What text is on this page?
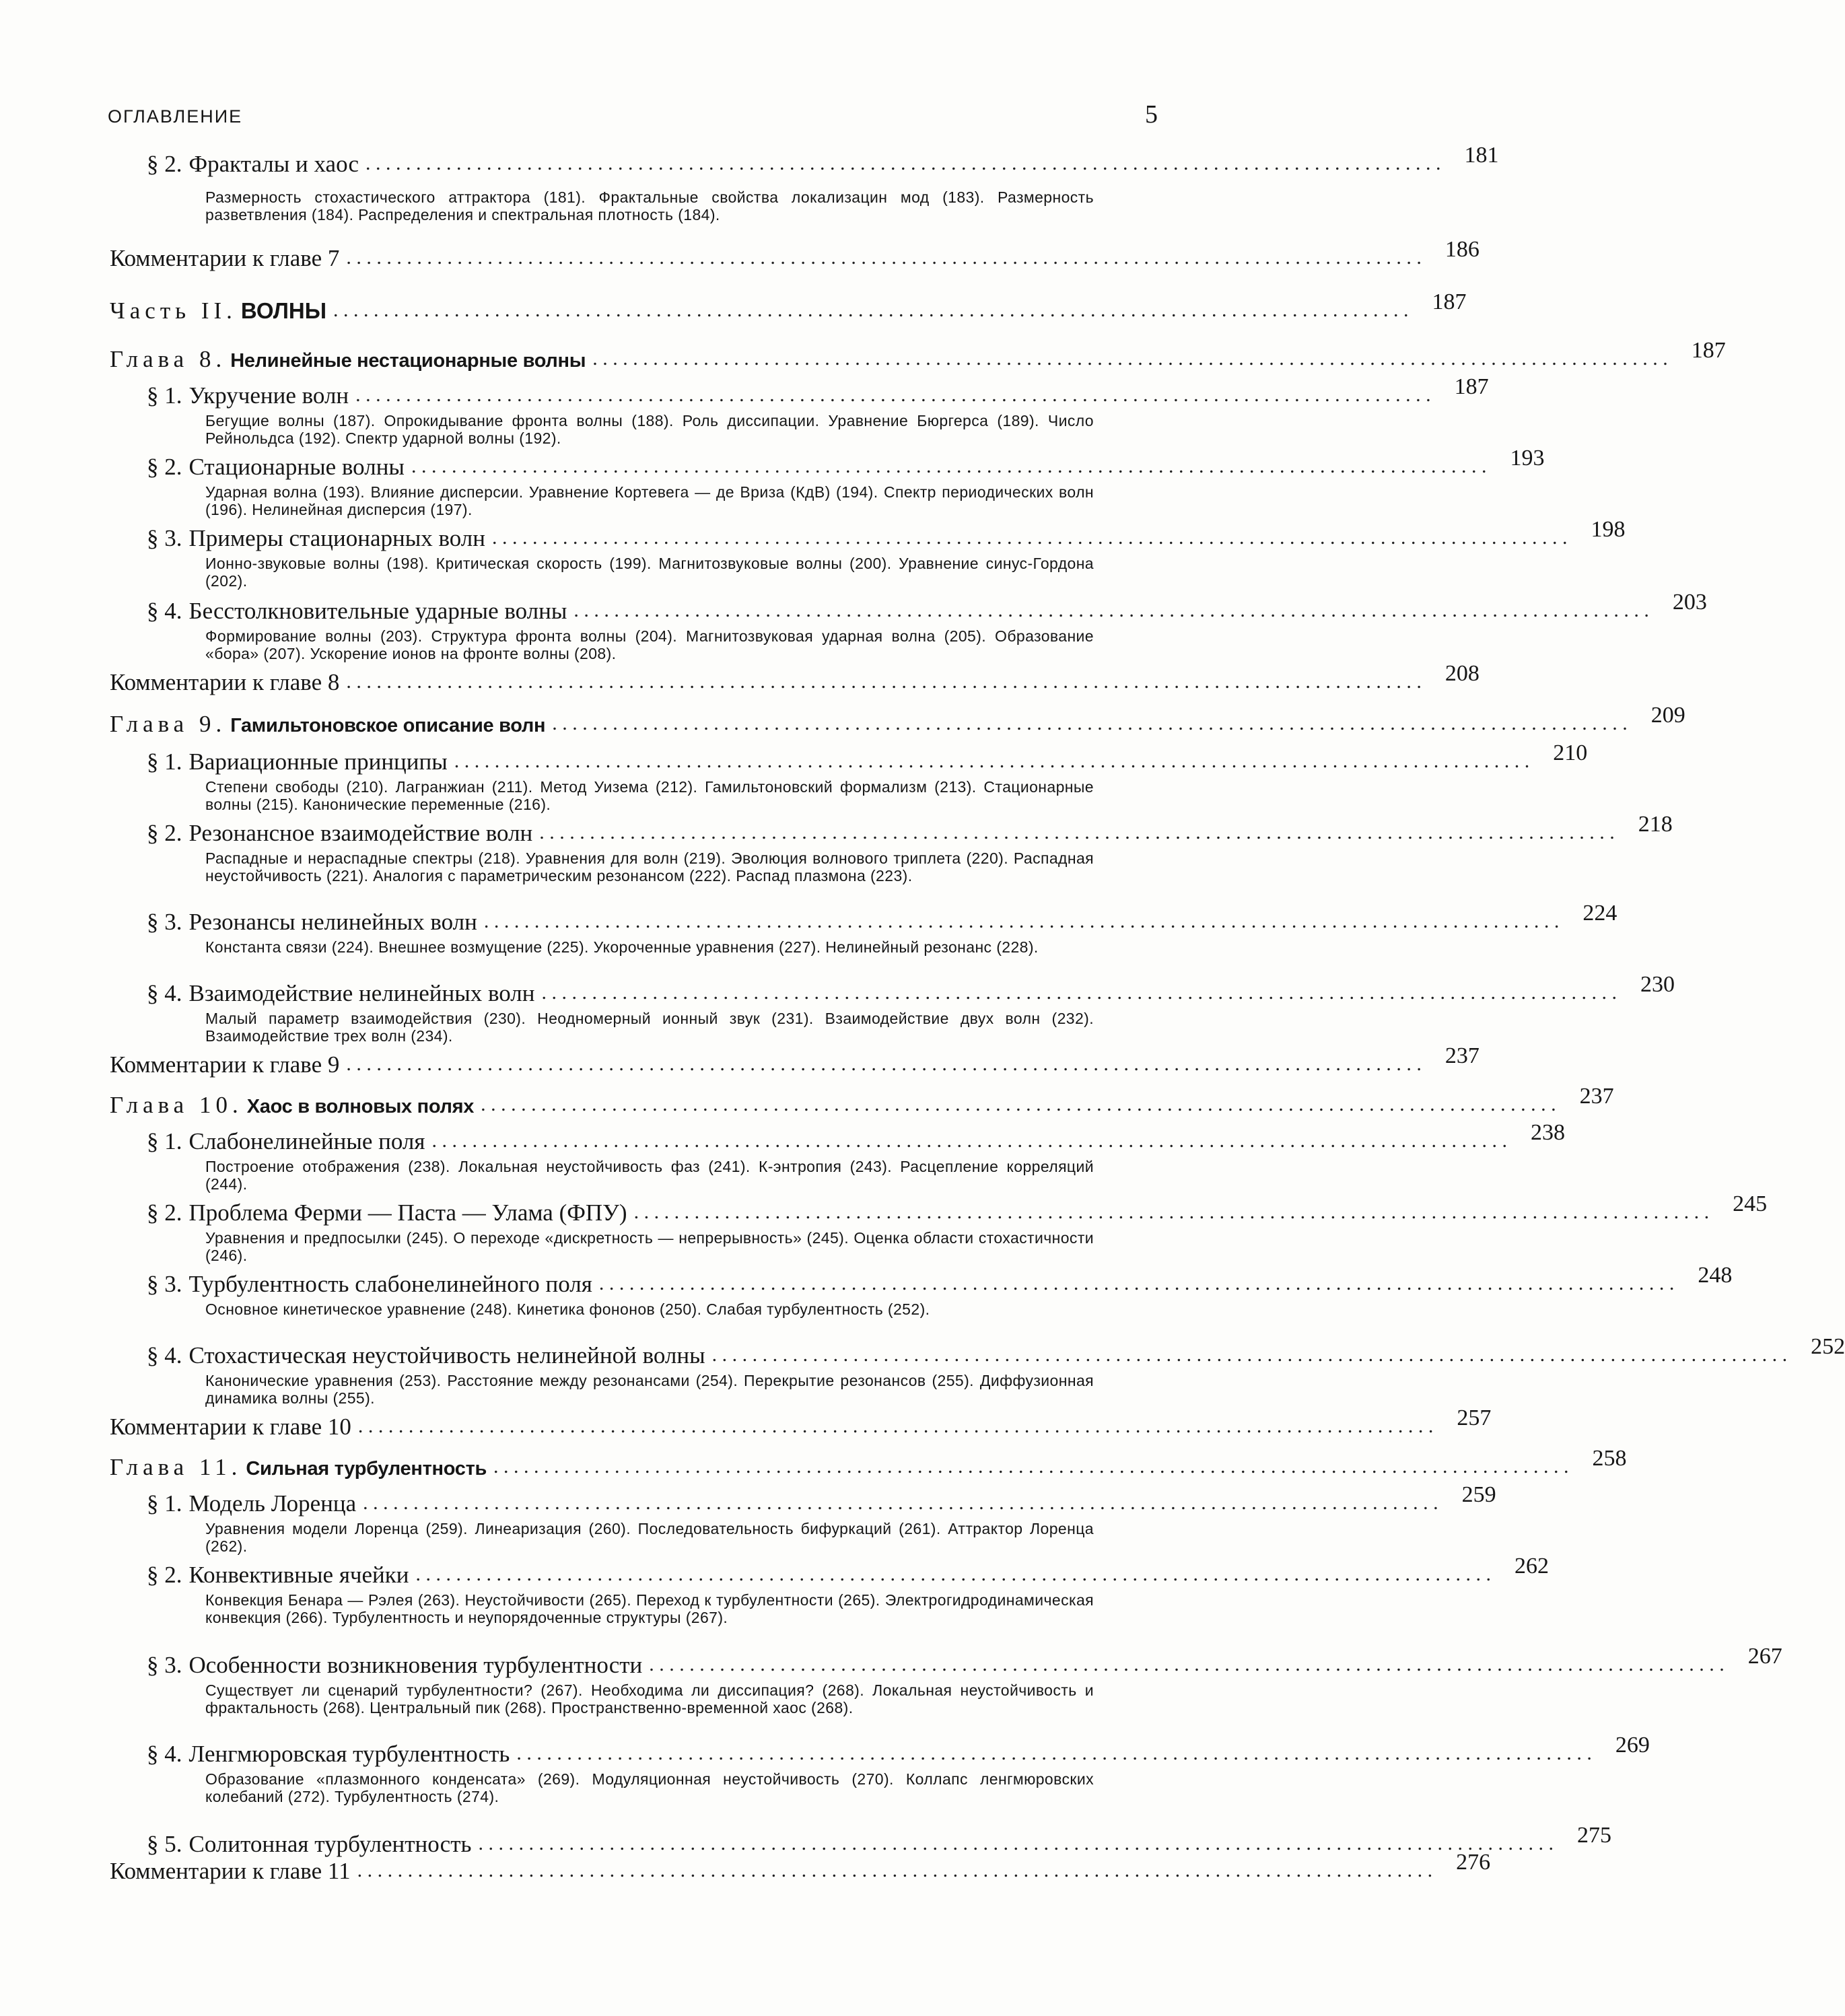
ОГЛАВЛЕНИЕ	5
§ 2. Фракталы и хаос . . .	181
Размерность стохастического аттрактора (181). Фрактальные свойства локализацин мод (183). Размерность разветвления (184). Распределения и спектральная плотность (184).
Комментарии к главе 7 . . .	186
Часть II. ВОЛНЫ . . .	187
Глава 8. Нелинейные нестационарные волны . . .	187
§ 1. Укручение волн . . .	187
Бегущие волны (187). Опрокидывание фронта волны (188). Роль диссипации. Уравнение Бюргерса (189). Число Рейнольдса (192). Спектр ударной волны (192).
§ 2. Стационарные волны . . .	193
Ударная волна (193). Влияние дисперсии. Уравнение Кортевега — де Вриза (КдВ) (194). Спектр периодических волн (196). Нелинейная дисперсия (197).
§ 3. Примеры стационарных волн . . .	198
Ионно-звуковые волны (198). Критическая скорость (199). Магнитозвуковые волны (200). Уравнение синус-Гордона (202).
§ 4. Бесстолкновительные ударные волны . . .	203
Формирование волны (203). Структура фронта волны (204). Магнитозвуковая ударная волна (205). Образование «бора» (207). Ускорение ионов на фронте волны (208).
Комментарии к главе 8 . . .	208
Глава 9. Гамильтоновское описание волн . . .	209
§ 1. Вариационные принципы . . .	210
Степени свободы (210). Лагранжиан (211). Метод Уизема (212). Гамильтоновский формализм (213). Стационарные волны (215). Канонические переменные (216).
§ 2. Резонансное взаимодействие волн . . .	218
Распадные и нераспадные спектры (218). Уравнения для волн (219). Эволюция волнового триплета (220). Распадная неустойчивость (221). Аналогия с параметрическим резонансом (222). Распад плазмона (223).
§ 3. Резонансы нелинейных волн . . .	224
Константа связи (224). Внешнее возмущение (225). Укороченные уравнения (227). Нелинейный резонанс (228).
§ 4. Взаимодействие нелинейных волн . . .	230
Малый параметр взаимодействия (230). Неодномерный ионный звук (231). Взаимодействие двух волн (232). Взаимодействие трех волн (234).
Комментарии к главе 9 . . .	237
Глава 10. Хаос в волновых полях . . .	237
§ 1. Слабонелинейные поля . . .	238
Построение отображения (238). Локальная неустойчивость фаз (241). К-энтропия (243). Расцепление корреляций (244).
§ 2. Проблема Ферми — Паста — Улама (ФПУ) . . .	245
Уравнения и предпосылки (245). О переходе «дискретность — непрерывность» (245). Оценка области стохастичности (246).
§ 3. Турбулентность слабонелинейного поля . . .	248
Основное кинетическое уравнение (248). Кинетика фононов (250). Слабая турбулентность (252).
§ 4. Стохастическая неустойчивость нелинейной волны . . .	252
Канонические уравнения (253). Расстояние между резонансами (254). Перекрытие резонансов (255). Диффузионная динамика волны (255).
Комментарии к главе 10 . . .	257
Глава 11. Сильная турбулентность . . .	258
§ 1. Модель Лоренца . . .	259
Уравнения модели Лоренца (259). Линеаризация (260). Последовательность бифуркаций (261). Аттрактор Лоренца (262).
§ 2. Конвективные ячейки . . .	262
Конвекция Бенара — Рэлея (263). Неустойчивости (265). Переход к турбулентности (265). Электрогидродинамическая конвекция (266). Турбулентность и неупорядоченные структуры (267).
§ 3. Особенности возникновения турбулентности . . .	267
Существует ли сценарий турбулентности? (267). Необходима ли диссипация? (268). Локальная неустойчивость и фрактальность (268). Центральный пик (268). Пространственно-временной хаос (268).
§ 4. Ленгмюровская турбулентность . . .	269
Образование «плазмонного конденсата» (269). Модуляционная неустойчивость (270). Коллапс ленгмюровских колебаний (272). Турбулентность (274).
§ 5. Солитонная турбулентность . . .	275
Комментарии к главе 11 . . .	276
